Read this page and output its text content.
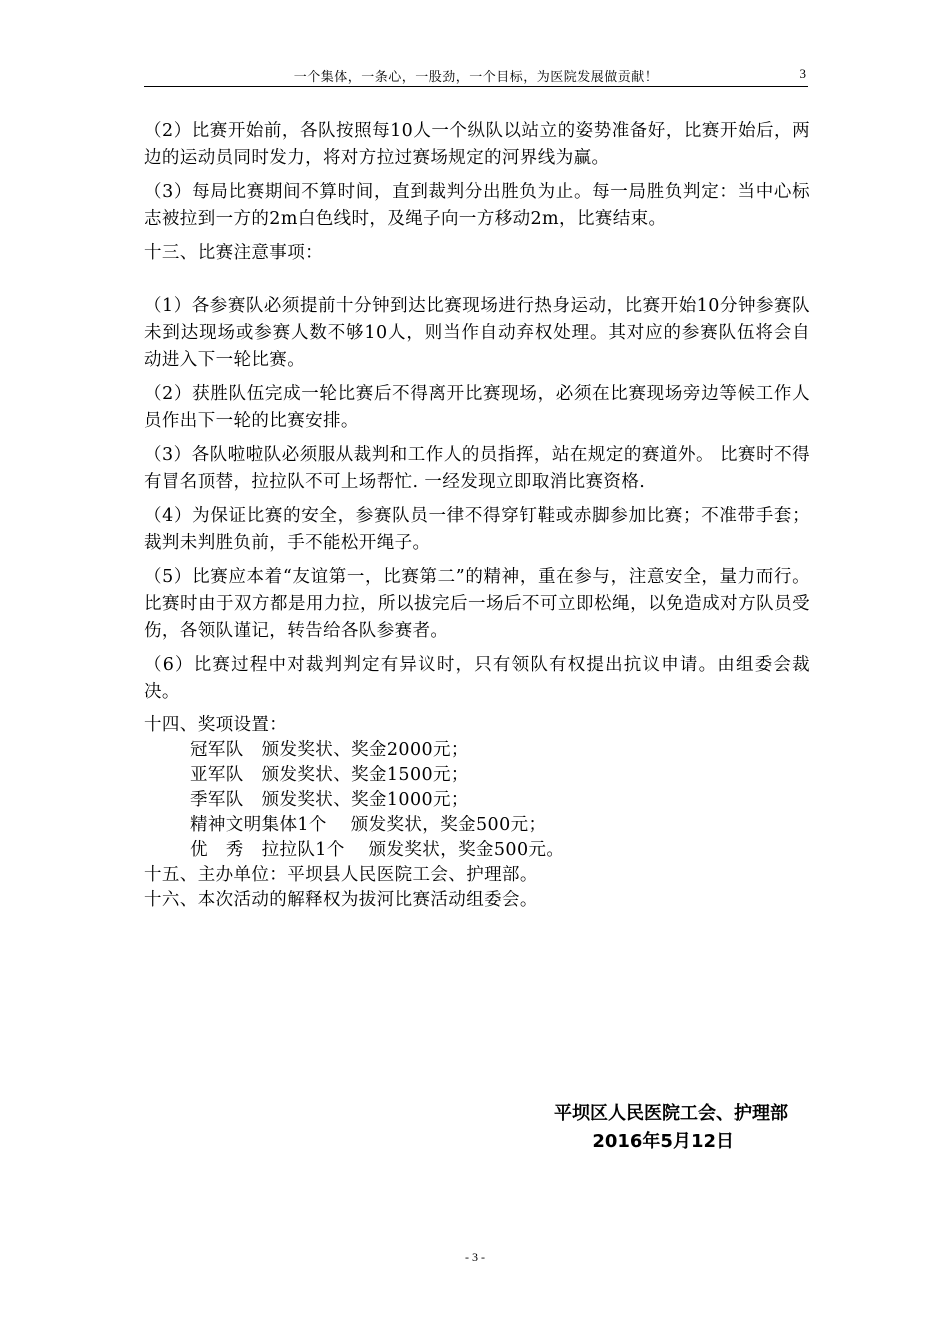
一个集体，一条心，一股劲，一个目标，为医院发展做贡献！	3

（2）比赛开始前，各队按照每10人一个纵队以站立的姿势准备好，比赛开始后，两边的运动员同时发力，将对方拉过赛场规定的河界线为赢。

（3）每局比赛期间不算时间，直到裁判分出胜负为止。每一局胜负判定：当中心标志被拉到一方的2m白色线时，及绳子向一方移动2m，比赛结束。

十三、比赛注意事项：

（1）各参赛队必须提前十分钟到达比赛现场进行热身运动，比赛开始10分钟参赛队未到达现场或参赛人数不够10人，则当作自动弃权处理。其对应的参赛队伍将会自动进入下一轮比赛。

（2）获胜队伍完成一轮比赛后不得离开比赛现场，必须在比赛现场旁边等候工作人员作出下一轮的比赛安排。

（3）各队啦啦队必须服从裁判和工作人的员指挥，站在规定的赛道外。 比赛时不得有冒名顶替，拉拉队不可上场帮忙. 一经发现立即取消比赛资格.

（4）为保证比赛的安全，参赛队员一律不得穿钉鞋或赤脚参加比赛；不准带手套；裁判未判胜负前，手不能松开绳子。

（5）比赛应本着“友谊第一，比赛第二”的精神，重在参与，注意安全，量力而行。 比赛时由于双方都是用力拉，所以拔完后一场后不可立即松绳，以免造成对方队员受伤，各领队谨记，转告给各队参赛者。

（6）比赛过程中对裁判判定有异议时，只有领队有权提出抗议申请。由组委会裁决。

十四、奖项设置：

冠军队　颁发奖状、奖金2000元；

亚军队　颁发奖状、奖金1500元；

季军队　颁发奖状、奖金1000元；

精神文明集体1个　 颁发奖状，奖金500元；

优　秀　拉拉队1个　 颁发奖状，奖金500元。

十五、主办单位：平坝县人民医院工会、护理部。

十六、本次活动的解释权为拔河比赛活动组委会。

平坝区人民医院工会、护理部

2016年5月12日

- 3 -
